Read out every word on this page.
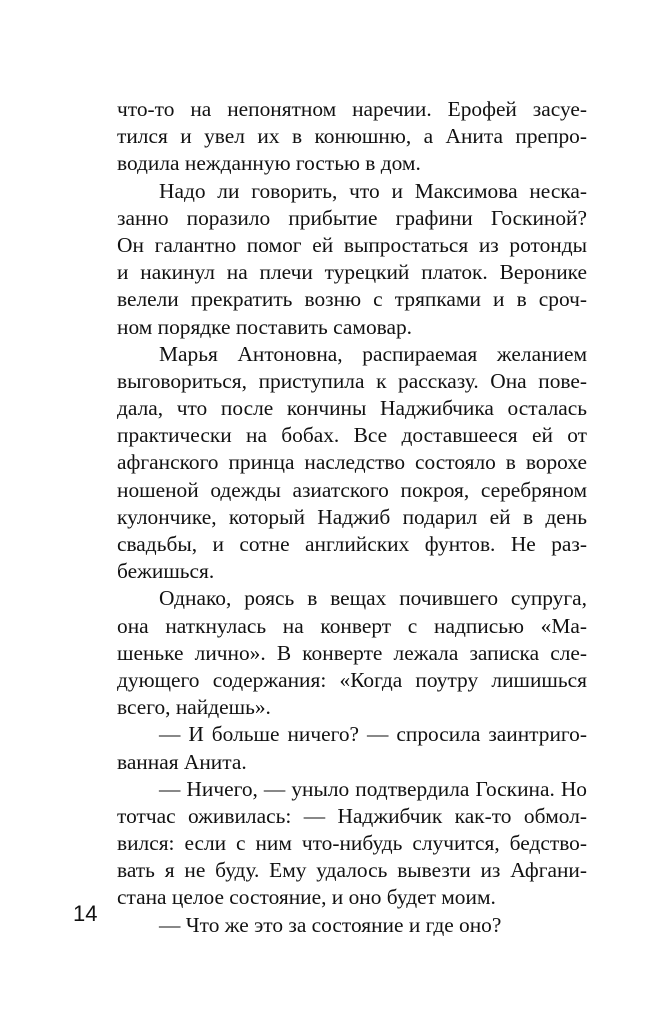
что-то на непонятном наречии. Ерофей засуе-
тился и увел их в конюшню, а Анита препро-
водила нежданную гостью в дом.
Надо ли говорить, что и Максимова неска-
занно поразило прибытие графини Госкиной?
Он галантно помог ей выпростаться из ротонды
и накинул на плечи турецкий платок. Веронике
велели прекратить возню с тряпками и в сроч-
ном порядке поставить самовар.
Марья Антоновна, распираемая желанием
выговориться, приступила к рассказу. Она пове-
дала, что после кончины Наджибчика осталась
практически на бобах. Все доставшееся ей от
афганского принца наследство состояло в ворохе
ношеной одежды азиатского покроя, серебряном
кулончике, который Наджиб подарил ей в день
свадьбы, и сотне английских фунтов. Не раз-
бежишься.
Однако, роясь в вещах почившего супруга,
она наткнулась на конверт с надписью «Ма-
шеньке лично». В конверте лежала записка сле-
дующего содержания: «Когда поутру лишишься
всего, найдешь».
— И больше ничего? — спросила заинтриго-
ванная Анита.
— Ничего, — уныло подтвердила Госкина. Но
тотчас оживилась: — Наджибчик как-то обмол-
вился: если с ним что-нибудь случится, бедство-
вать я не буду. Ему удалось вывезти из Афгани-
стана целое состояние, и оно будет моим.
— Что же это за состояние и где оно?
14
